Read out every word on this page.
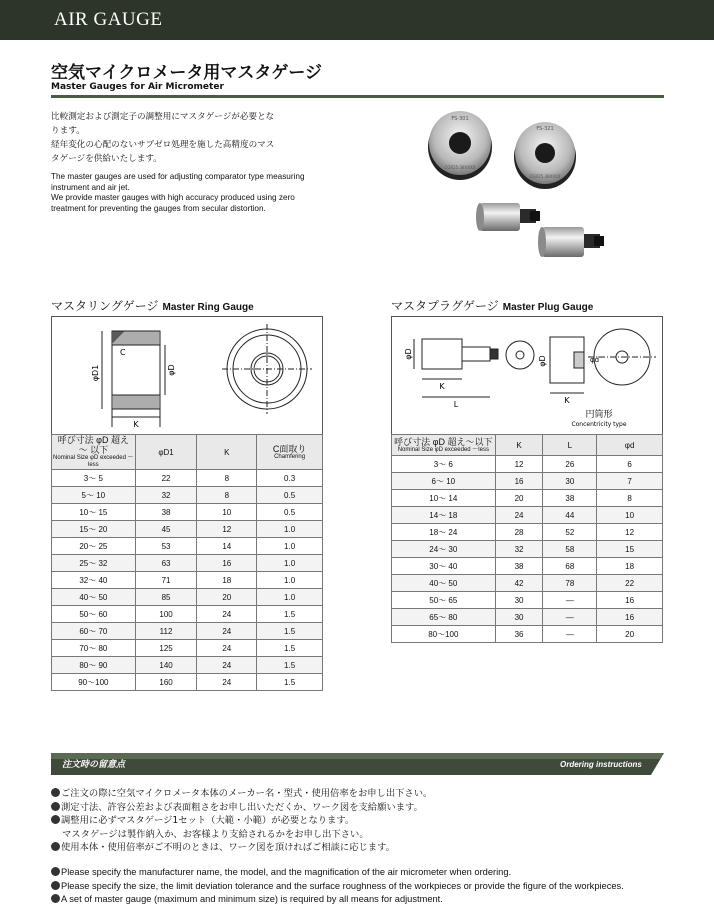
AIR GAUGE
空気マイクロメータ用マスタゲージ
Master Gauges for Air Micrometer

比較測定および測定子の調整用にマスタゲージが必要とな
ります。
経年変化の心配のないサブゼロ処理を施した高精度のマス
タゲージを供給いたします。

The master gauges are used for adjusting comparator type measuring
instrument and air jet.
We provide master gauges with high accuracy produced using zero
treatment for preventing the gauges from secular distortion.

FS-301
CGR25.38XXXX
FS-321
CGR25.38XXXX
マスタリングゲージ Master Ring Gauge
φD1
C
φD
K
呼び寸法 φD 超え ～ 以下
Nominal Size φD exceeded ～less	φD1	K	C面取り
Chamfering

3～ 5	22	8	0.3
5～ 10	32	8	0.5
10～ 15	38	10	0.5
15～ 20	45	12	1.0
20～ 25	53	14	1.0
25～ 32	63	16	1.0
32～ 40	71	18	1.0
40～ 50	85	20	1.0
50～ 60	100	24	1.5
60～ 70	112	24	1.5
70～ 80	125	24	1.5
80～ 90	140	24	1.5
90～100	160	24	1.5
マスタプラグゲージ Master Plug Gauge
φD
K
L
φD	φd
K
円筒形
Concentricity type
呼び寸法 φD 超え～以下
Nominal Size φD exceeded ～less	K	L	φd
3～ 6	12	26	6
6～ 10	16	30	7
10～ 14	20	38	8
14～ 18	24	44	10
18～ 24	28	52	12
24～ 30	32	58	15
30～ 40	38	68	18
40～ 50	42	78	22
50～ 65	30	—	16
65～ 80	30	—	16
80～100	36	—	20
注文時の留意点	Ordering instructions
ご注文の際に空気マイクロメータ本体のメーカー名・型式・使用倍率をお申し出下さい。
測定寸法、許容公差および表面粗さをお申し出いただくか、ワーク図を支給願います。
調整用に必ずマスタゲージ1セット（大範・小範）が必要となります。
マスタゲージは製作納入か、お客様より支給されるかをお申し出下さい。
使用本体・使用倍率がご不明のときは、ワーク図を頂ければご相談に応じます。
Please specify the manufacturer name, the model, and the magnification of the air micrometer when ordering.
Please specify the size, the limit deviation tolerance and the surface roughness of the workpieces or provide the figure of the workpieces.
A set of master gauge (maximum and minimum size) is required by all means for adjustment.
